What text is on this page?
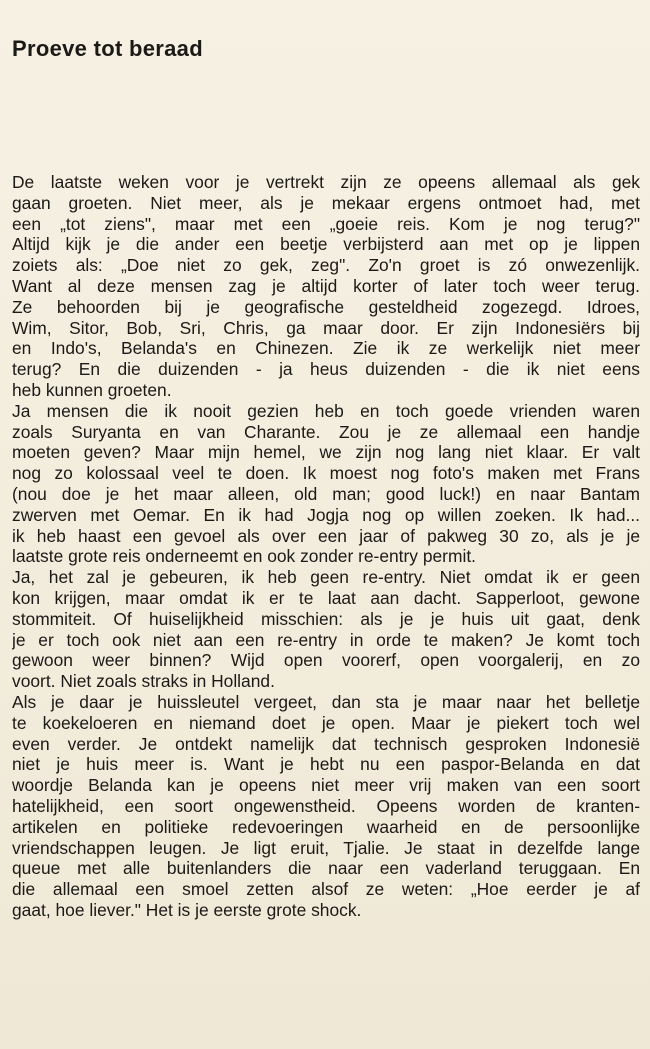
Proeve tot beraad

De laatste weken voor je vertrekt zijn ze opeens allemaal als gek
gaan groeten. Niet meer, als je mekaar ergens ontmoet had, met
een „tot ziens", maar met een „goeie reis. Kom je nog terug?"
Altijd kijk je die ander een beetje verbijsterd aan met op je lippen
zoiets als: „Doe niet zo gek, zeg". Zo'n groet is zó onwezenlijk.
Want al deze mensen zag je altijd korter of later toch weer terug.
Ze behoorden bij je geografische gesteldheid zogezegd. Idroes,
Wim, Sitor, Bob, Sri, Chris, ga maar door. Er zijn Indonesiërs bij
en Indo's, Belanda's en Chinezen. Zie ik ze werkelijk niet meer
terug? En die duizenden - ja heus duizenden - die ik niet eens
heb kunnen groeten.

Ja mensen die ik nooit gezien heb en toch goede vrienden waren
zoals Suryanta en van Charante. Zou je ze allemaal een handje
moeten geven? Maar mijn hemel, we zijn nog lang niet klaar. Er valt
nog zo kolossaal veel te doen. Ik moest nog foto's maken met Frans
(nou doe je het maar alleen, old man; good luck!) en naar Bantam
zwerven met Oemar. En ik had Jogja nog op willen zoeken. Ik had...
ik heb haast een gevoel als over een jaar of pakweg 30 zo, als je je
laatste grote reis onderneemt en ook zonder re-entry permit.

Ja, het zal je gebeuren, ik heb geen re-entry. Niet omdat ik er geen
kon krijgen, maar omdat ik er te laat aan dacht. Sapperloot, gewone
stommiteit. Of huiselijkheid misschien: als je je huis uit gaat, denk
je er toch ook niet aan een re-entry in orde te maken? Je komt toch
gewoon weer binnen? Wijd open voorerf, open voorgalerij, en zo
voort. Niet zoals straks in Holland.

Als je daar je huissleutel vergeet, dan sta je maar naar het belletje
te koekeloeren en niemand doet je open. Maar je piekert toch wel
even verder. Je ontdekt namelijk dat technisch gesproken Indonesië
niet je huis meer is. Want je hebt nu een paspor-Belanda en dat
woordje Belanda kan je opeens niet meer vrij maken van een soort
hatelijkheid, een soort ongewenstheid. Opeens worden de kranten-
artikelen en politieke redevoeringen waarheid en de persoonlijke
vriendschappen leugen. Je ligt eruit, Tjalie. Je staat in dezelfde lange
queue met alle buitenlanders die naar een vaderland teruggaan. En
die allemaal een smoel zetten alsof ze weten: „Hoe eerder je af
gaat, hoe liever." Het is je eerste grote shock.
